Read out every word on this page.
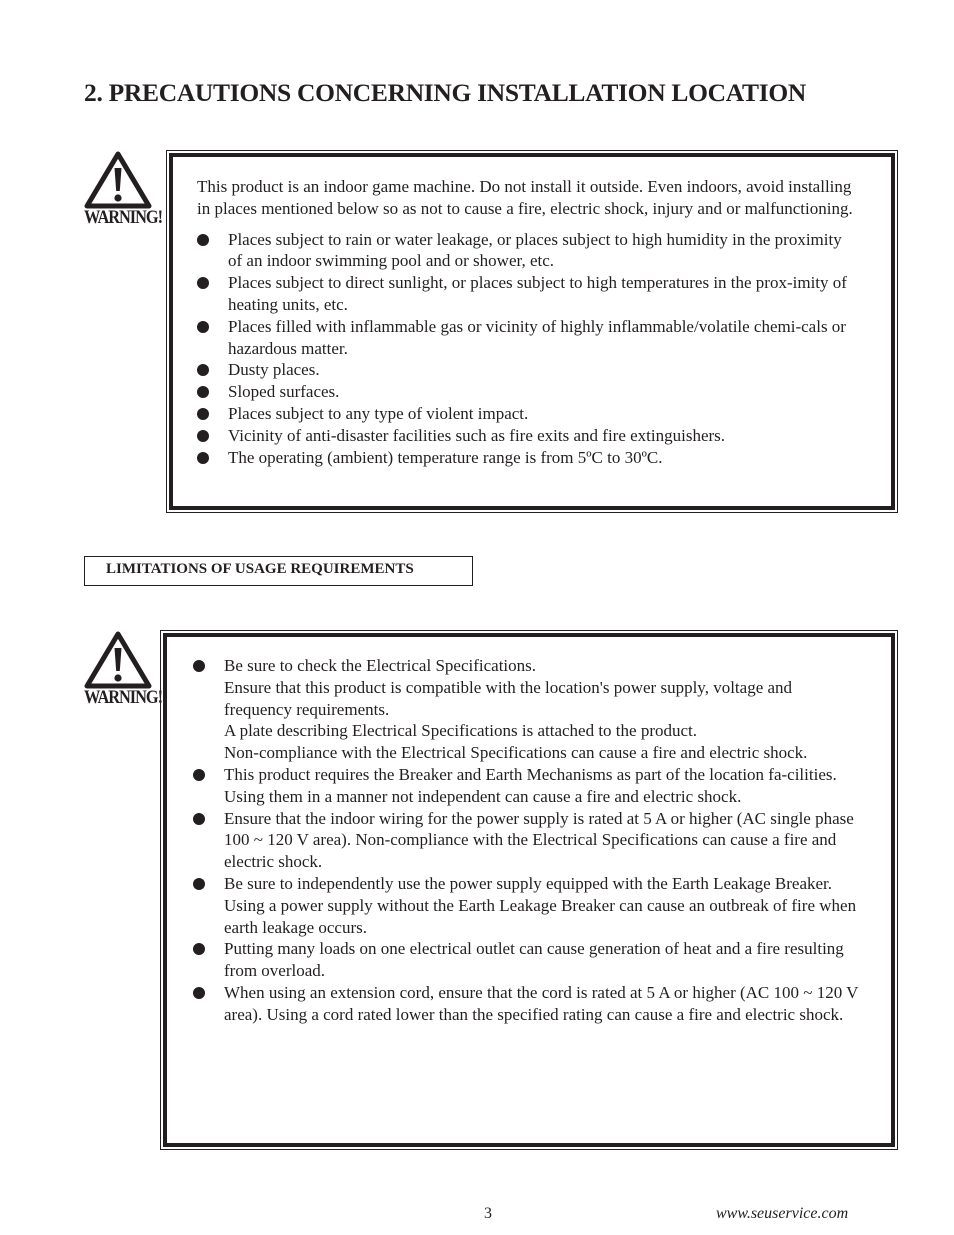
2. PRECAUTIONS CONCERNING INSTALLATION LOCATION
WARNING!
This product is an indoor game machine. Do not install it outside. Even indoors, avoid installing in places mentioned below so as not to cause a fire, electric shock, injury and or malfunctioning.
Places subject to rain or water leakage, or places subject to high humidity in the proximity of an indoor swimming pool and or shower, etc.
Places subject to direct sunlight, or places subject to high temperatures in the prox-imity of heating units, etc.
Places filled with inflammable gas or vicinity of highly inflammable/volatile chemi-cals or hazardous matter.
Dusty places.
Sloped surfaces.
Places subject to any type of violent impact.
Vicinity of anti-disaster facilities such as fire exits and fire extinguishers.
The operating (ambient) temperature range is from 5ºC to 30ºC.
LIMITATIONS OF USAGE REQUIREMENTS
WARNING!
Be sure to check the Electrical Specifications.
Ensure that this product is compatible with the location's power supply, voltage and frequency requirements.
A plate describing Electrical Specifications is attached to the product.
Non-compliance with the Electrical Specifications can cause a fire and electric shock.
This product requires the Breaker and Earth Mechanisms as part of the location fa-cilities. Using them in a manner not independent can cause a fire and electric shock.
Ensure that the indoor wiring for the power supply is rated at 5 A or higher (AC single phase 100 ~ 120 V area). Non-compliance with the Electrical Specifications can cause a fire and electric shock.
Be sure to independently use the power supply equipped with the Earth Leakage Breaker. Using a power supply without the Earth Leakage Breaker can cause an outbreak of fire when earth leakage occurs.
Putting many loads on one electrical outlet can cause generation of heat and a fire resulting from overload.
When using an extension cord, ensure that the cord is rated at 5 A or higher (AC 100 ~ 120 V area). Using a cord rated lower than the specified rating can cause a fire and electric shock.
3	www.seuservice.com
